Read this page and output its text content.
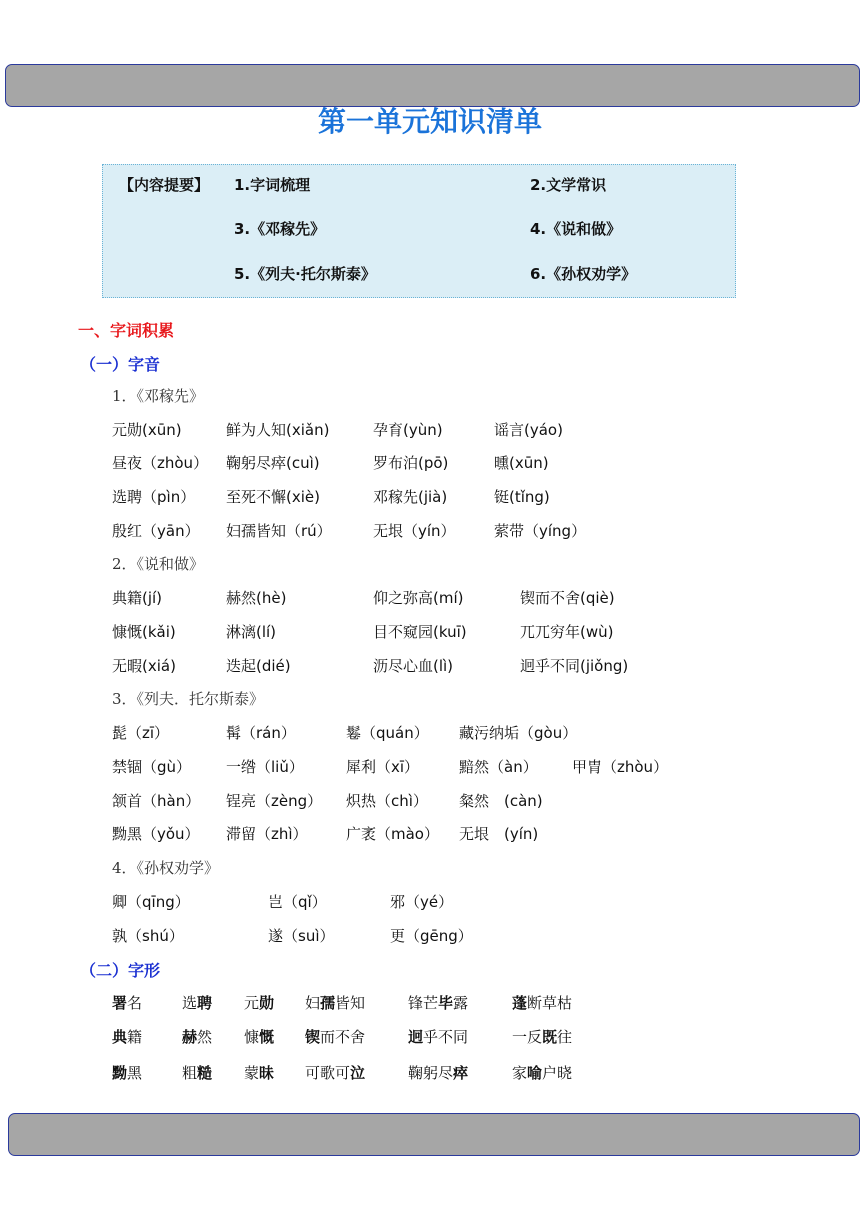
第一单元知识清单
【内容提要】 1.字词梳理	2.文学常识
3.《邓稼先》	4.《说和做》
5.《列夫·托尔斯泰》	6.《孙权劝学》
一、字词积累
（一）字音
1．《邓稼先》
元勋(xūn)	鲜为人知(xiǎn)	孕育(yùn)	谣言(yáo)
昼夜（zhòu） 鞠躬尽瘁(cuì)	罗布泊(pō)	曛(xūn)
选聘（pìn） 至死不懈(xiè)	邓稼先(jià)	铤(tǐng)
殷红（yān） 妇孺皆知（rú）	无垠（yín）	萦带（yíng）
2．《说和做》
典籍(jí)	赫然(hè)	仰之弥高(mí)	锲而不舍(qiè)
慷慨(kǎi)	淋漓(lí)	目不窥园(kuī)	兀兀穷年(wù)
无暇(xiá)	迭起(dié)	沥尽心血(lì)	迥乎不同(jiǒng)
3．《列夫．托尔斯泰》
髭（zī）	髯（rán）	鬈（quán） 藏污纳垢（gòu）
禁锢（gù） 一绺（liǔ）	犀利（xī）	黯然（àn） 甲胄（zhòu）
颔首（hàn） 锃亮（zèng） 炽热（chì） 粲然　(càn)
黝黑（yǒu） 滞留（zhì）	广袤（mào） 无垠　(yín)
4．《孙权劝学》
卿（qīng）	岂（qǐ）	邪（yé）
孰（shú）	遂（suì）	更（gēng）
（二）字形
署名	选聘 元勋 妇孺皆知	锋芒毕露	蓬断草枯
典籍	赫然 慷慨 锲而不舍	迥乎不同	一反既往
黝黑	粗糙 蒙昧 可歌可泣	鞠躬尽瘁	家喻户晓
